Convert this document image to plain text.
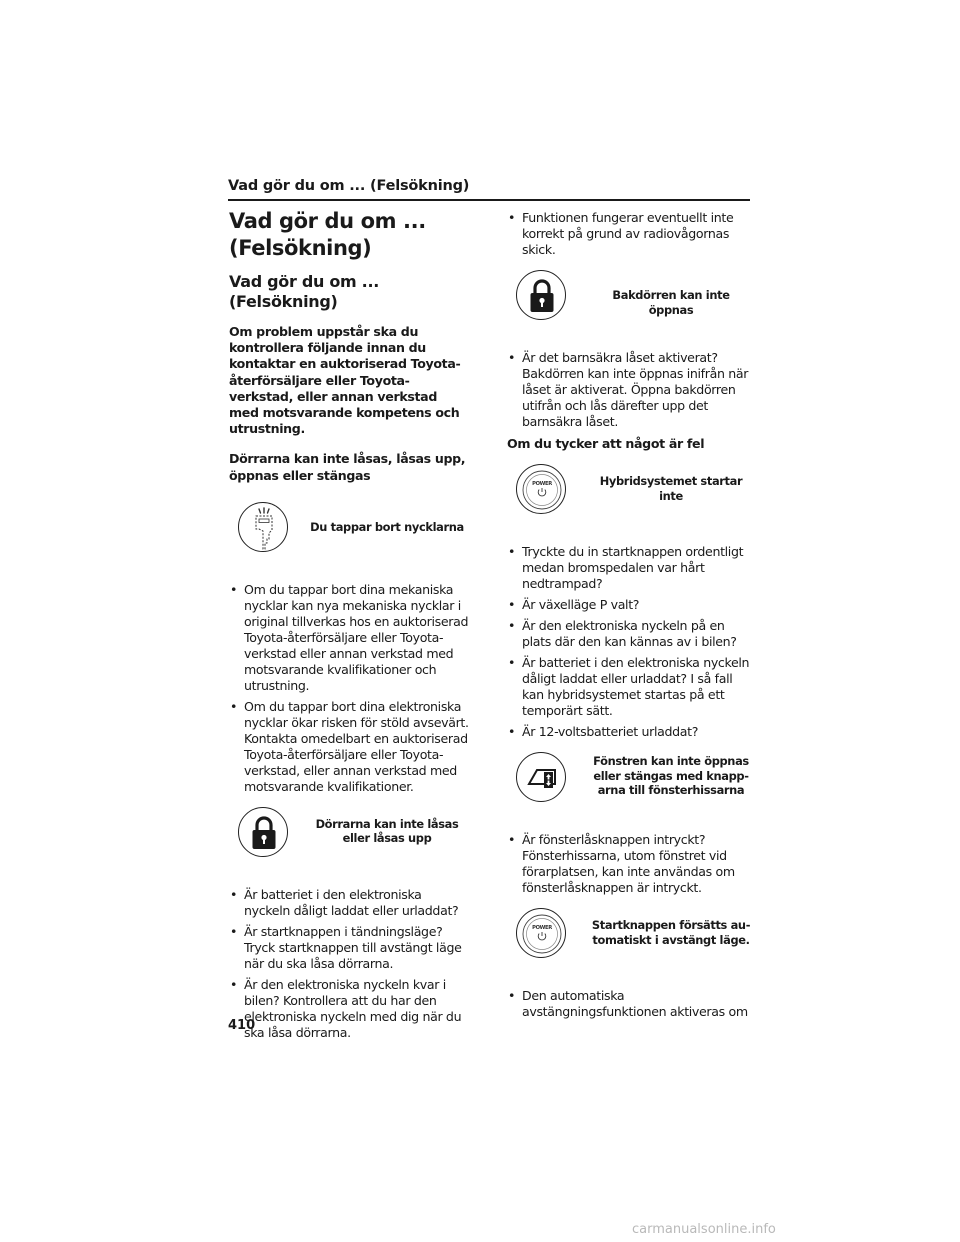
Vad gör du om ... (Felsökning)
Vad gör du om ...
(Felsökning)
Vad gör du om ... (Felsökning)
Om problem uppstår ska du kontrollera följande innan du kontaktar en auktoriserad Toyota-återförsäljare eller Toyota-verkstad, eller annan verkstad med motsvarande kompetens och utrustning.
Dörrarna kan inte låsas, låsas upp, öppnas eller stängas
Du tappar bort nycklarna
• Om du tappar bort dina mekaniska nycklar kan nya mekaniska nycklar i original tillverkas hos en auktoriserad Toyota-återförsäljare eller Toyota-verkstad eller annan verkstad med motsvarande kvalifikationer och utrustning.
• Om du tappar bort dina elektroniska nycklar ökar risken för stöld avsevärt. Kontakta omedelbart en auktoriserad Toyota-återförsäljare eller Toyota-verkstad, eller annan verkstad med motsvarande kvalifikationer.
Dörrarna kan inte låsas eller låsas upp
• Är batteriet i den elektroniska nyckeln dåligt laddat eller urladdat?
• Är startknappen i tändningsläge? Tryck startknappen till avstängt läge när du ska låsa dörrarna.
• Är den elektroniska nyckeln kvar i bilen? Kontrollera att du har den elektroniska nyckeln med dig när du ska låsa dörrarna.
• Funktionen fungerar eventuellt inte korrekt på grund av radiovågornas skick.
Bakdörren kan inte öppnas
• Är det barnsäkra låset aktiverat? Bakdörren kan inte öppnas inifrån när låset är aktiverat. Öppna bakdörren utifrån och lås därefter upp det barnsäkra låset.
Om du tycker att något är fel
POWER	Hybridsystemet startar inte
• Tryckte du in startknappen ordentligt medan bromspedalen var hårt nedtrampad?
• Är växelläge P valt?
• Är den elektroniska nyckeln på en plats där den kan kännas av i bilen?
• Är batteriet i den elektroniska nyckeln dåligt laddat eller urladdat? I så fall kan hybridsystemet startas på ett temporärt sätt.
• Är 12-voltsbatteriet urladdat?
Fönstren kan inte öppnas eller stängas med knapp-arna till fönsterhissarna
• Är fönsterlåsknappen intryckt? Fönsterhissarna, utom fönstret vid förarplatsen, kan inte användas om fönsterlåsknappen är intryckt.
POWER	Startknappen försätts au-tomatiskt i avstängt läge.
• Den automatiska avstängningsfunktionen aktiveras om
410
carmanualsonline.info
